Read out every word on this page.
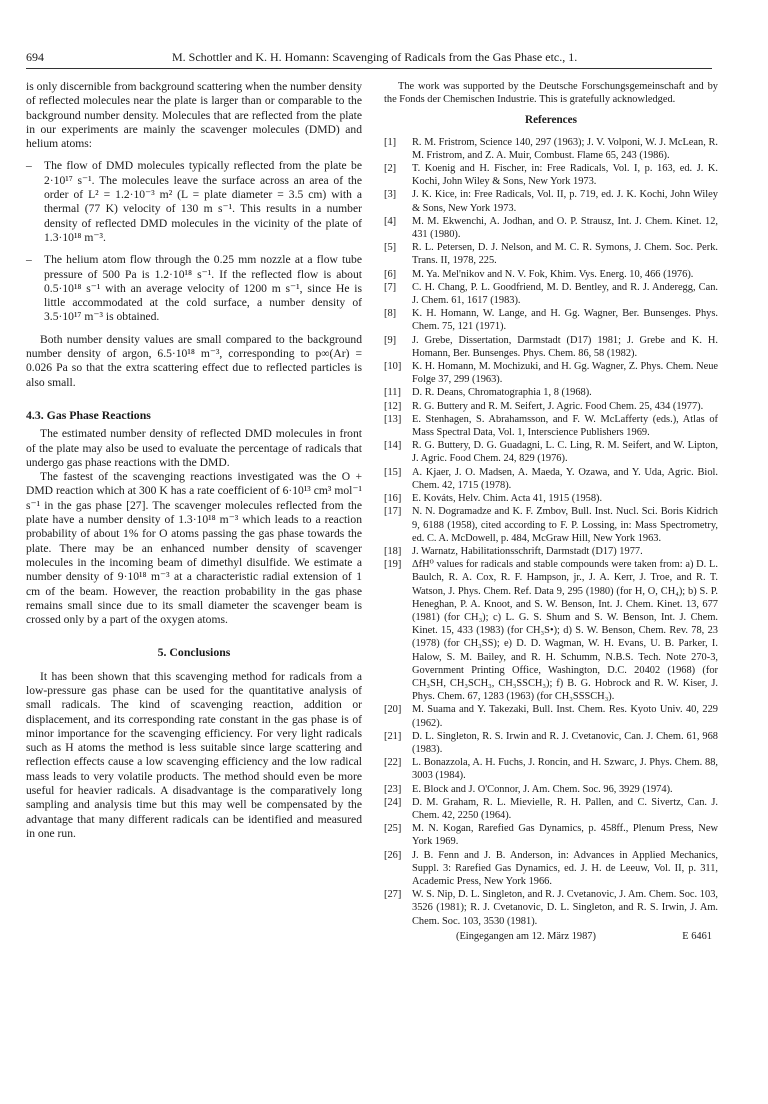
694	M. Schottler and K. H. Homann: Scavenging of Radicals from the Gas Phase etc., 1.

is only discernible from background scattering when the number density of reflected molecules near the plate is larger than or comparable to the background number density. Molecules that are reflected from the plate in our experiments are mainly the scavenger molecules (DMD) and helium atoms:

– The flow of DMD molecules typically reflected from the plate be 2·10¹⁷ s⁻¹. The molecules leave the surface across an area of the order of L² = 1.2·10⁻³ m² (L = plate diameter = 3.5 cm) with a thermal (77 K) velocity of 130 m s⁻¹. This results in a number density of reflected DMD molecules in the vicinity of the plate of 1.3·10¹⁸ m⁻³.

– The helium atom flow through the 0.25 mm nozzle at a flow tube pressure of 500 Pa is 1.2·10¹⁸ s⁻¹. If the reflected flow is about 0.5·10¹⁸ s⁻¹ with an average velocity of 1200 m s⁻¹, since He is little accommodated at the cold surface, a number density of 3.5·10¹⁷ m⁻³ is obtained.

Both number density values are small compared to the background number density of argon, 6.5·10¹⁸ m⁻³, corresponding to p∞(Ar) = 0.026 Pa so that the extra scattering effect due to reflected particles is also small.

4.3. Gas Phase Reactions

The estimated number density of reflected DMD molecules in front of the plate may also be used to evaluate the percentage of radicals that undergo gas phase reactions with the DMD.

The fastest of the scavenging reactions investigated was the O + DMD reaction which at 300 K has a rate coefficient of 6·10¹³ cm³ mol⁻¹ s⁻¹ in the gas phase [27]. The scavenger molecules reflected from the plate have a number density of 1.3·10¹⁸ m⁻³ which leads to a reaction probability of about 1% for O atoms passing the gas phase towards the plate. There may be an enhanced number density of scavenger molecules in the incoming beam of dimethyl disulfide. We estimate a number density of 9·10¹⁸ m⁻³ at a characteristic radial extension of 1 cm of the beam. However, the reaction probability in the gas phase remains small since due to its small diameter the scavenger beam is crossed only by a part of the oxygen atoms.

5. Conclusions

It has been shown that this scavenging method for radicals from a low-pressure gas phase can be used for the quantitative analysis of small radicals. The kind of scavenging reaction, addition or displacement, and its corresponding rate constant in the gas phase is of minor importance for the scavenging efficiency. For very light radicals such as H atoms the method is less suitable since large scattering and reflection effects cause a low scavenging efficiency and the low radical mass leads to very volatile products. The method should even be more useful for heavier radicals. A disadvantage is the comparatively long sampling and analysis time but this may well be compensated by the advantage that many different radicals can be identified and measured in one run.

The work was supported by the Deutsche Forschungsgemeinschaft and by the Fonds der Chemischen Industrie. This is gratefully acknowledged.

References

[1] R. M. Fristrom, Science 140, 297 (1963); J. V. Volponi, W. J. McLean, R. M. Fristrom, and Z. A. Muir, Combust. Flame 65, 243 (1986).
[2] T. Koenig and H. Fischer, in: Free Radicals, Vol. I, p. 163, ed. J. K. Kochi, John Wiley & Sons, New York 1973.
[3] J. K. Kice, in: Free Radicals, Vol. II, p. 719, ed. J. K. Kochi, John Wiley & Sons, New York 1973.
[4] M. M. Ekwenchi, A. Jodhan, and O. P. Strausz, Int. J. Chem. Kinet. 12, 431 (1980).
[5] R. L. Petersen, D. J. Nelson, and M. C. R. Symons, J. Chem. Soc. Perk. Trans. II, 1978, 225.
[6] M. Ya. Mel'nikov and N. V. Fok, Khim. Vys. Energ. 10, 466 (1976).
[7] C. H. Chang, P. L. Goodfriend, M. D. Bentley, and R. J. Anderegg, Can. J. Chem. 61, 1617 (1983).
[8] K. H. Homann, W. Lange, and H. Gg. Wagner, Ber. Bunsenges. Phys. Chem. 75, 121 (1971).
[9] J. Grebe, Dissertation, Darmstadt (D17) 1981; J. Grebe and K. H. Homann, Ber. Bunsenges. Phys. Chem. 86, 58 (1982).
[10] K. H. Homann, M. Mochizuki, and H. Gg. Wagner, Z. Phys. Chem. Neue Folge 37, 299 (1963).
[11] D. R. Deans, Chromatographia 1, 8 (1968).
[12] R. G. Buttery and R. M. Seifert, J. Agric. Food Chem. 25, 434 (1977).
[13] E. Stenhagen, S. Abrahamsson, and F. W. McLafferty (eds.), Atlas of Mass Spectral Data, Vol. 1, Interscience Publishers 1969.
[14] R. G. Buttery, D. G. Guadagni, L. C. Ling, R. M. Seifert, and W. Lipton, J. Agric. Food Chem. 24, 829 (1976).
[15] A. Kjaer, J. O. Madsen, A. Maeda, Y. Ozawa, and Y. Uda, Agric. Biol. Chem. 42, 1715 (1978).
[16] E. Kováts, Helv. Chim. Acta 41, 1915 (1958).
[17] N. N. Dogramadze and K. F. Zmbov, Bull. Inst. Nucl. Sci. Boris Kidrich 9, 6188 (1958), cited according to F. P. Lossing, in: Mass Spectrometry, ed. C. A. McDowell, p. 484, McGraw Hill, New York 1963.
[18] J. Warnatz, Habilitationsschrift, Darmstadt (D17) 1977.
[19] ΔfH⁰ values for radicals and stable compounds were taken from: a) D. L. Baulch, R. A. Cox, R. F. Hampson, jr., J. A. Kerr, J. Troe, and R. T. Watson, J. Phys. Chem. Ref. Data 9, 295 (1980) (for H, O, CH₄); b) S. P. Heneghan, P. A. Knoot, and S. W. Benson, Int. J. Chem. Kinet. 13, 677 (1981) (for CH₃); c) L. G. S. Shum and S. W. Benson, Int. J. Chem. Kinet. 15, 433 (1983) (for CH₃S•); d) S. W. Benson, Chem. Rev. 78, 23 (1978) (for CH₃SS); e) D. D. Wagman, W. H. Evans, U. B. Parker, I. Halow, S. M. Bailey, and R. H. Schumm, N.B.S. Tech. Note 270-3, Government Printing Office, Washington, D.C. 20402 (1968) (for CH₃SH, CH₃SCH₃, CH₃SSCH₃); f) B. G. Hobrock and R. W. Kiser, J. Phys. Chem. 67, 1283 (1963) (for CH₃SSSCH₃).
[20] M. Suama and Y. Takezaki, Bull. Inst. Chem. Res. Kyoto Univ. 40, 229 (1962).
[21] D. L. Singleton, R. S. Irwin and R. J. Cvetanovic, Can. J. Chem. 61, 968 (1983).
[22] L. Bonazzola, A. H. Fuchs, J. Roncin, and H. Szwarc, J. Phys. Chem. 88, 3003 (1984).
[23] E. Block and J. O'Connor, J. Am. Chem. Soc. 96, 3929 (1974).
[24] D. M. Graham, R. L. Mievielle, R. H. Pallen, and C. Sivertz, Can. J. Chem. 42, 2250 (1964).
[25] M. N. Kogan, Rarefied Gas Dynamics, p. 458ff., Plenum Press, New York 1969.
[26] J. B. Fenn and J. B. Anderson, in: Advances in Applied Mechanics, Suppl. 3: Rarefied Gas Dynamics, ed. J. H. de Leeuw, Vol. II, p. 311, Academic Press, New York 1966.
[27] W. S. Nip, D. L. Singleton, and R. J. Cvetanovic, J. Am. Chem. Soc. 103, 3526 (1981); R. J. Cvetanovic, D. L. Singleton, and R. S. Irwin, J. Am. Chem. Soc. 103, 3530 (1981).
(Eingegangen am 12. März 1987)	E 6461
